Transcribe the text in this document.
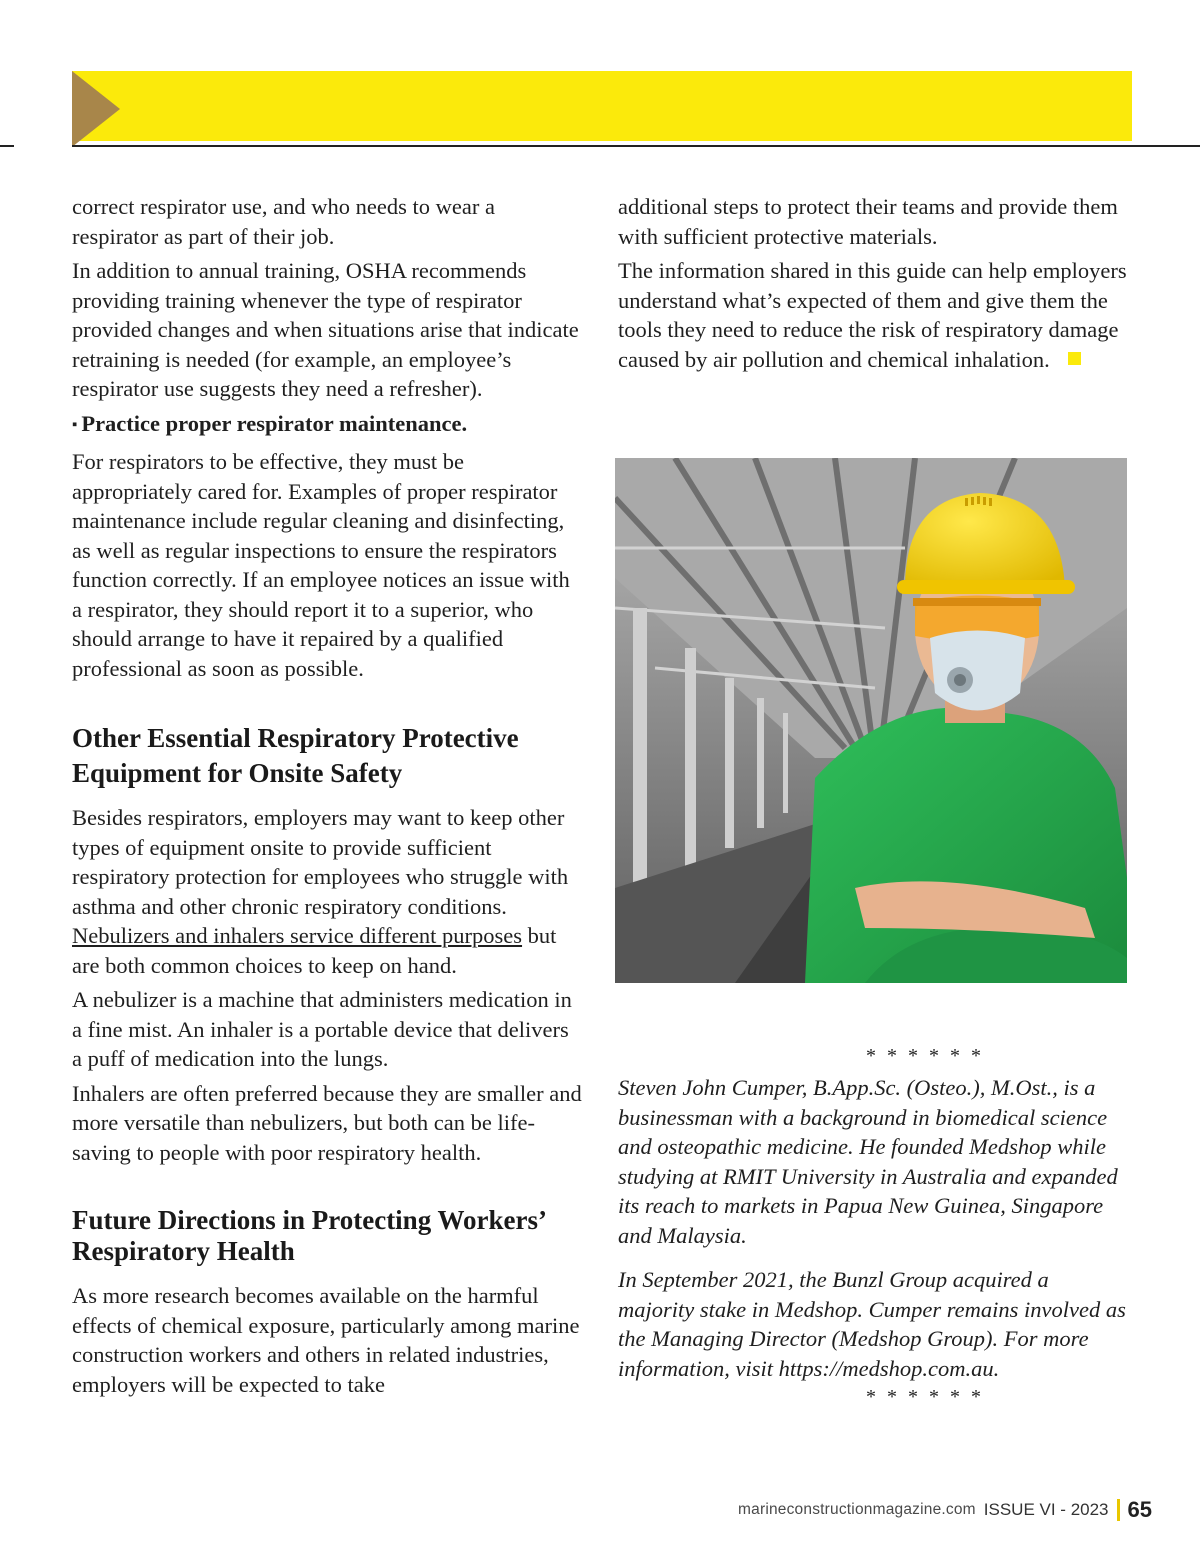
correct respirator use, and who needs to wear a respirator as part of their job.

In addition to annual training, OSHA recommends providing training whenever the type of respirator provided changes and when situations arise that indicate retraining is needed (for example, an employee’s respirator use suggests they need a refresher).

▪ Practice proper respirator maintenance.

For respirators to be effective, they must be appropriately cared for. Examples of proper respirator maintenance include regular cleaning and disinfecting, as well as regular inspections to ensure the respirators function correctly. If an employee notices an issue with a respirator, they should report it to a superior, who should arrange to have it repaired by a qualified professional as soon as possible.

Other Essential Respiratory Protective Equipment for Onsite Safety

Besides respirators, employers may want to keep other types of equipment onsite to provide sufficient respiratory protection for employees who struggle with asthma and other chronic respiratory conditions. Nebulizers and inhalers service different purposes but are both common choices to keep on hand.

A nebulizer is a machine that administers medication in a fine mist. An inhaler is a portable device that delivers a puff of medication into the lungs.

Inhalers are often preferred because they are smaller and more versatile than nebulizers, but both can be life-saving to people with poor respiratory health.

Future Directions in Protecting Workers’ Respiratory Health

As more research becomes available on the harmful effects of chemical exposure, particularly among marine construction workers and others in related industries, employers will be expected to take

additional steps to protect their teams and provide them with sufficient protective materials.

The information shared in this guide can help employers understand what’s expected of them and give them the tools they need to reduce the risk of respiratory damage caused by air pollution and chemical inhalation.

* * * * * *

Steven John Cumper, B.App.Sc. (Osteo.), M.Ost., is a businessman with a background in biomedical science and osteopathic medicine. He founded Medshop while studying at RMIT University in Australia and expanded its reach to markets in Papua New Guinea, Singapore and Malaysia.

In September 2021, the Bunzl Group acquired a majority stake in Medshop. Cumper remains involved as the Managing Director (Medshop Group). For more information, visit https://medshop.com.au.

* * * * * *
marineconstructionmagazine.com ISSUE VI - 2023 65
